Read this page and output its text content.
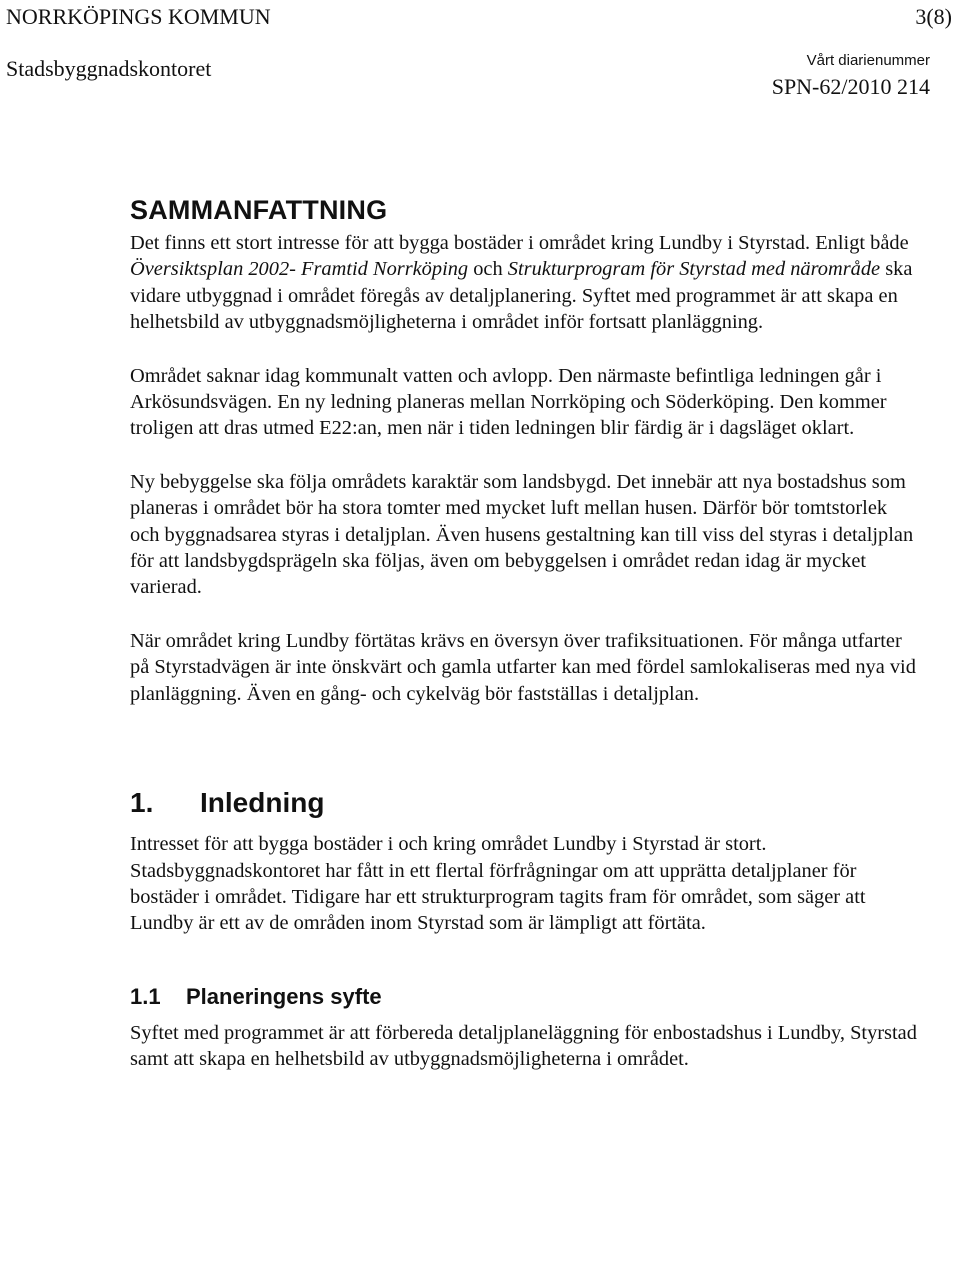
NORRKÖPINGS KOMMUN	3(8)
Stadsbyggnadskontoret	Vårt diarienummer
SPN-62/2010 214
SAMMANFATTNING

Det finns ett stort intresse för att bygga bostäder i området kring Lundby i Styrstad. Enligt både Översiktsplan 2002- Framtid Norrköping och Strukturprogram för Styrstad med närområde ska vidare utbyggnad i området föregås av detaljplanering. Syftet med programmet är att skapa en helhetsbild av utbyggnadsmöjligheterna i området inför fortsatt planläggning.

Området saknar idag kommunalt vatten och avlopp. Den närmaste befintliga ledningen går i Arkösundsvägen. En ny ledning planeras mellan Norrköping och Söderköping. Den kommer troligen att dras utmed E22:an, men när i tiden ledningen blir färdig är i dagsläget oklart.

Ny bebyggelse ska följa områdets karaktär som landsbygd. Det innebär att nya bostadshus som planeras i området bör ha stora tomter med mycket luft mellan husen. Därför bör tomtstorlek och byggnadsarea styras i detaljplan. Även husens gestaltning kan till viss del styras i detaljplan för att landsbygdsprägeln ska följas, även om bebyggelsen i området redan idag är mycket varierad.

När området kring Lundby förtätas krävs en översyn över trafiksituationen. För många utfarter på Styrstadvägen är inte önskvärt och gamla utfarter kan med fördel samlokaliseras med nya vid planläggning. Även en gång- och cykelväg bör fastställas i detaljplan.

1.	Inledning

Intresset för att bygga bostäder i och kring området Lundby i Styrstad är stort. Stadsbyggnadskontoret har fått in ett flertal förfrågningar om att upprätta detaljplaner för bostäder i området. Tidigare har ett strukturprogram tagits fram för området, som säger att Lundby är ett av de områden inom Styrstad som är lämpligt att förtäta.

1.1	Planeringens syfte

Syftet med programmet är att förbereda detaljplaneläggning för enbostadshus i Lundby, Styrstad samt att skapa en helhetsbild av utbyggnadsmöjligheterna i området.
